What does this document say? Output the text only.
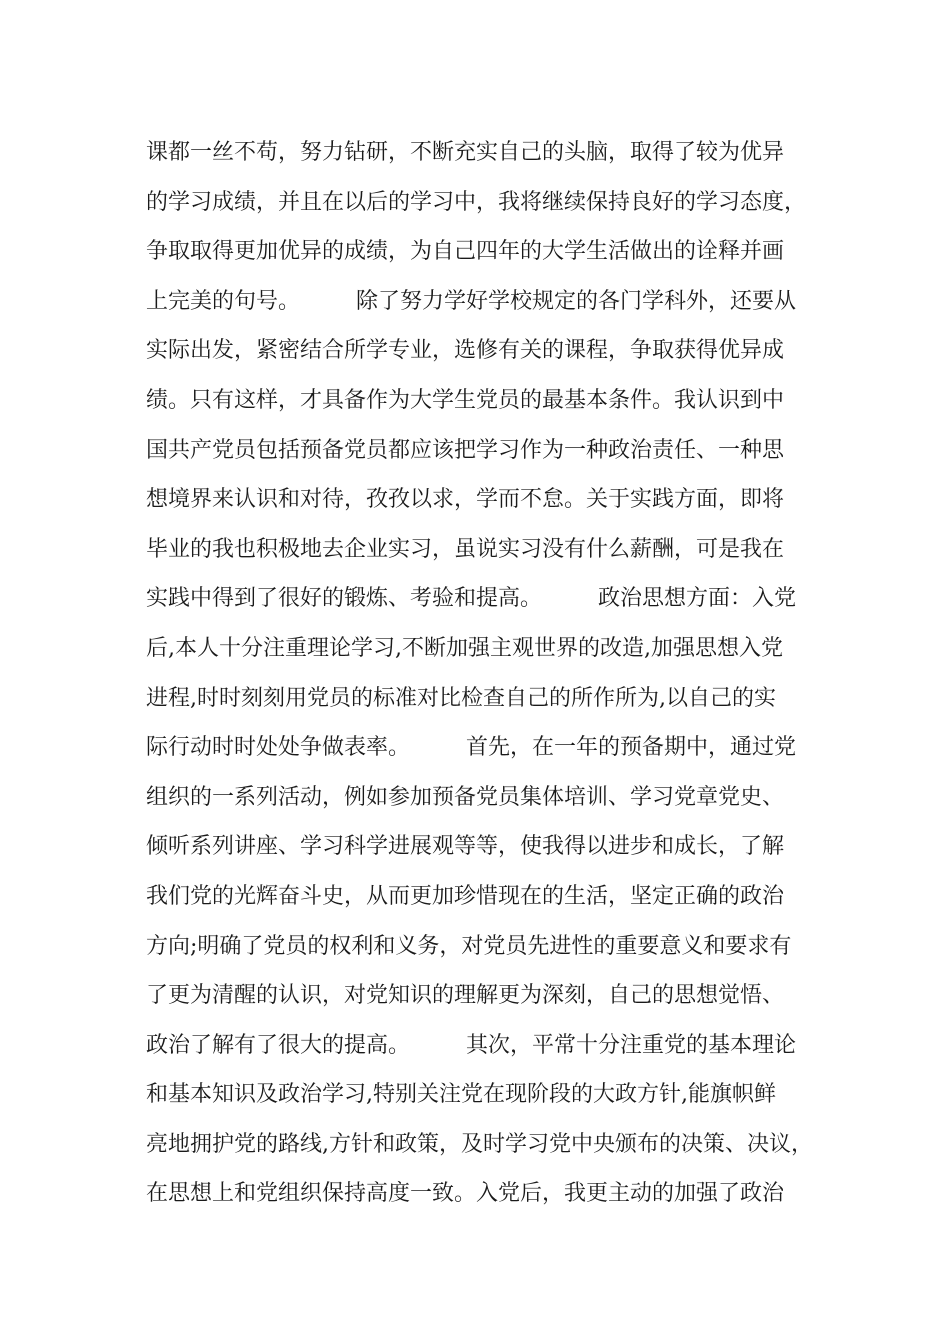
课都一丝不苟，努力钻研，不断充实自己的头脑，取得了较为优异
的学习成绩，并且在以后的学习中，我将继续保持良好的学习态度，
争取取得更加优异的成绩，为自己四年的大学生活做出的诠释并画
上完美的句号。        除了努力学好学校规定的各门学科外，还要从
实际出发，紧密结合所学专业，选修有关的课程，争取获得优异成
绩。只有这样，才具备作为大学生党员的最基本条件。我认识到中
国共产党员包括预备党员都应该把学习作为一种政治责任、一种思
想境界来认识和对待，孜孜以求，学而不怠。关于实践方面，即将
毕业的我也积极地去企业实习，虽说实习没有什么薪酬，可是我在
实践中得到了很好的锻炼、考验和提高。        政治思想方面：入党
后,本人十分注重理论学习,不断加强主观世界的改造,加强思想入党
进程,时时刻刻用党员的标准对比检查自己的所作所为,以自己的实
际行动时时处处争做表率。        首先，在一年的预备期中，通过党
组织的一系列活动，例如参加预备党员集体培训、学习党章党史、
倾听系列讲座、学习科学进展观等等，使我得以进步和成长，了解
我们党的光辉奋斗史，从而更加珍惜现在的生活，坚定正确的政治
方向;明确了党员的权利和义务，对党员先进性的重要意义和要求有
了更为清醒的认识，对党知识的理解更为深刻，自己的思想觉悟、
政治了解有了很大的提高。        其次，平常十分注重党的基本理论
和基本知识及政治学习,特别关注党在现阶段的大政方针,能旗帜鲜
亮地拥护党的路线,方针和政策，及时学习党中央颁布的决策、决议，
在思想上和党组织保持高度一致。入党后，我更主动的加强了政治
